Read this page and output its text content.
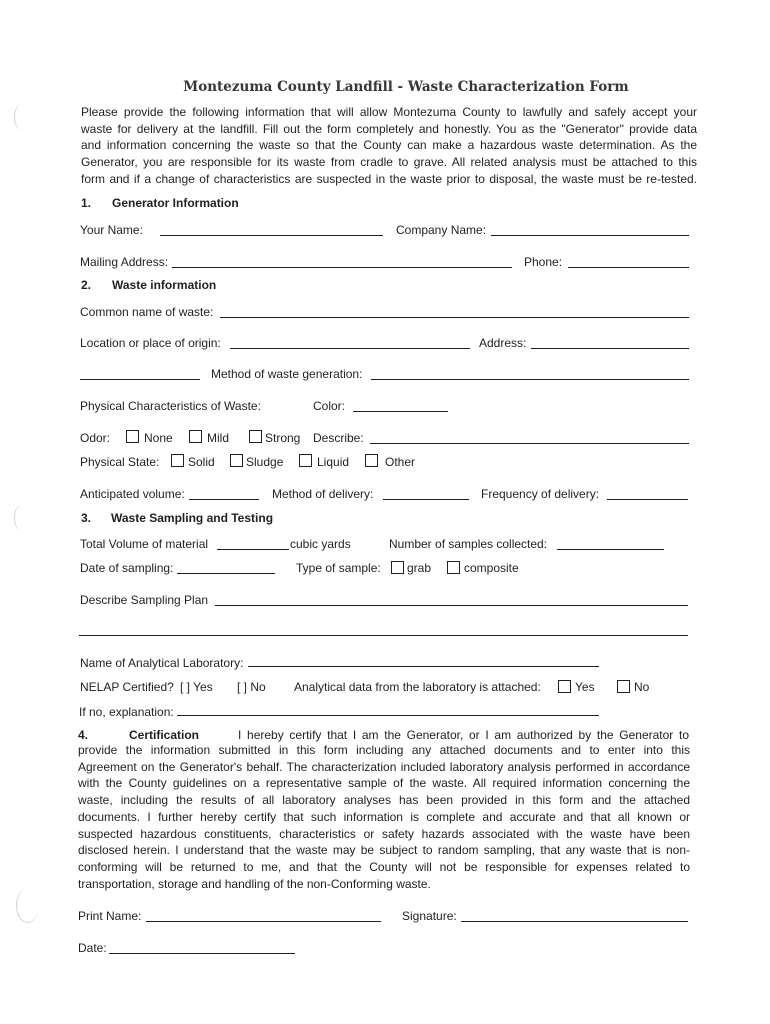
Montezuma County Landfill - Waste Characterization Form
Please provide the following information that will allow Montezuma County to lawfully and safely accept your
waste for delivery at the landfill. Fill out the form completely and honestly. You as the "Generator" provide data
and information concerning the waste so that the County can make a hazardous waste determination. As the
Generator, you are responsible for its waste from cradle to grave. All related analysis must be attached to this
form and if a change of characteristics are suspected in the waste prior to disposal, the waste must be re-tested.
1. Generator Information
Your Name:	Company Name:
Mailing Address:	Phone:
2. Waste information
Common name of waste:
Location or place of origin:	Address:
Method of waste generation:
Physical Characteristics of Waste:	Color:
Odor:	None	Mild	Strong Describe:
Physical State: Solid	Sludge	Liquid	Other
Anticipated volume:	Method of delivery:	Frequency of delivery:
3. Waste Sampling and Testing
Total Volume of material	cubic yards	Number of samples collected:
Date of sampling:	Type of sample: grab	composite
Describe Sampling Plan
Name of Analytical Laboratory:
NELAP Certified? [ ] Yes [ ] No Analytical data from the laboratory is attached:	Yes	No
If no, explanation:
4.	Certification	I hereby certify that I am the Generator, or I am authorized by the Generator to
provide the information submitted in this form including any attached documents and to enter into this
Agreement on the Generator's behalf. The characterization included laboratory analysis performed in accordance
with the County guidelines on a representative sample of the waste. All required information concerning the
waste, including the results of all laboratory analyses has been provided in this form and the attached
documents. I further hereby certify that such information is complete and accurate and that all known or
suspected hazardous constituents, characteristics or safety hazards associated with the waste have been
disclosed herein. I understand that the waste may be subject to random sampling, that any waste that is non-
conforming will be returned to me, and that the County will not be responsible for expenses related to
transportation, storage and handling of the non-Conforming waste.
Print Name:	Signature:
Date:
